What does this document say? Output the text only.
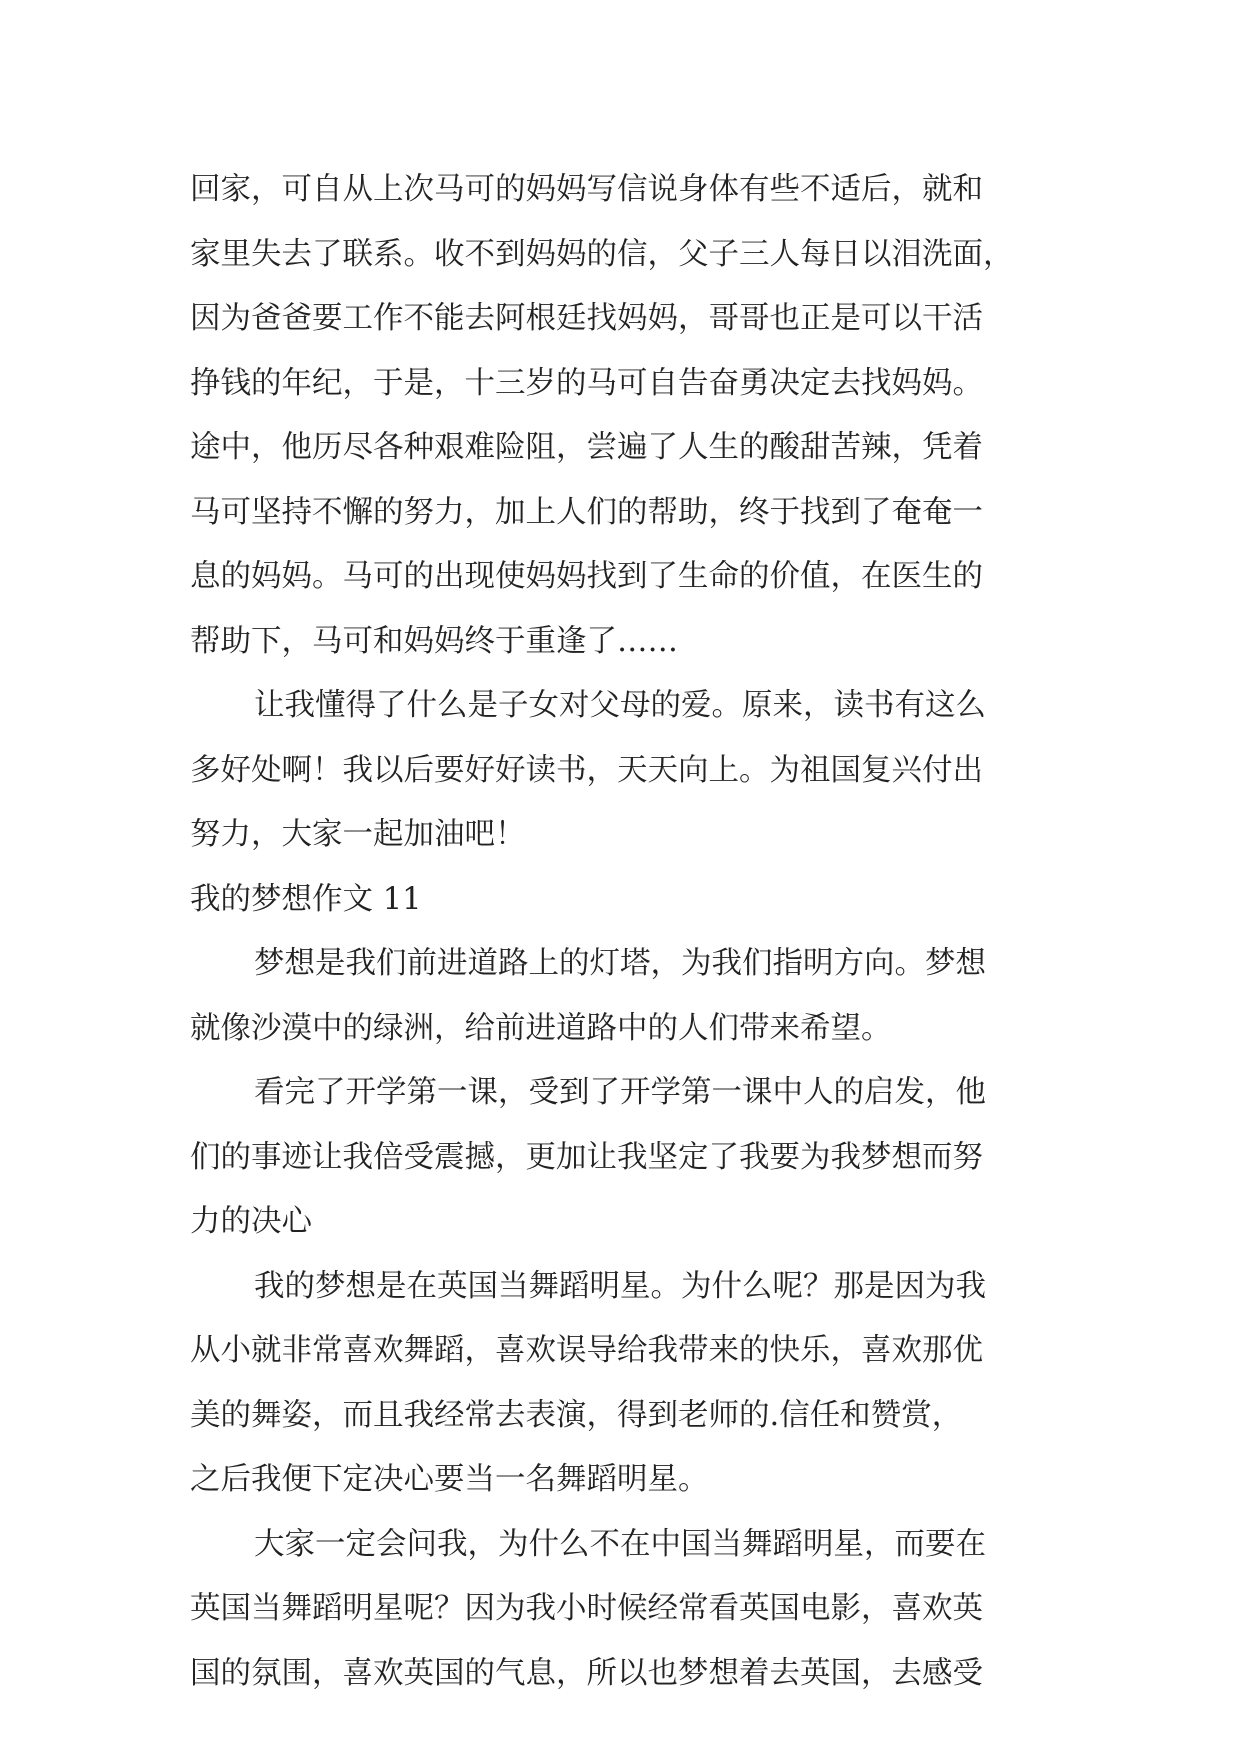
回家，可自从上次马可的妈妈写信说身体有些不适后，就和
家里失去了联系。收不到妈妈的信，父子三人每日以泪洗面，
因为爸爸要工作不能去阿根廷找妈妈，哥哥也正是可以干活
挣钱的年纪，于是，十三岁的马可自告奋勇决定去找妈妈。
途中，他历尽各种艰难险阻，尝遍了人生的酸甜苦辣，凭着
马可坚持不懈的努力，加上人们的帮助，终于找到了奄奄一
息的妈妈。马可的出现使妈妈找到了生命的价值，在医生的
帮助下，马可和妈妈终于重逢了……
让我懂得了什么是子女对父母的爱。原来，读书有这么
多好处啊！我以后要好好读书，天天向上。为祖国复兴付出
努力，大家一起加油吧！
我的梦想作文 11
梦想是我们前进道路上的灯塔，为我们指明方向。梦想
就像沙漠中的绿洲，给前进道路中的人们带来希望。
看完了开学第一课，受到了开学第一课中人的启发，他
们的事迹让我倍受震撼，更加让我坚定了我要为我梦想而努
力的决心
我的梦想是在英国当舞蹈明星。为什么呢？那是因为我
从小就非常喜欢舞蹈，喜欢误导给我带来的快乐，喜欢那优
美的舞姿，而且我经常去表演，得到老师的.信任和赞赏，
之后我便下定决心要当一名舞蹈明星。
大家一定会问我，为什么不在中国当舞蹈明星，而要在
英国当舞蹈明星呢？因为我小时候经常看英国电影，喜欢英
国的氛围，喜欢英国的气息，所以也梦想着去英国，去感受
